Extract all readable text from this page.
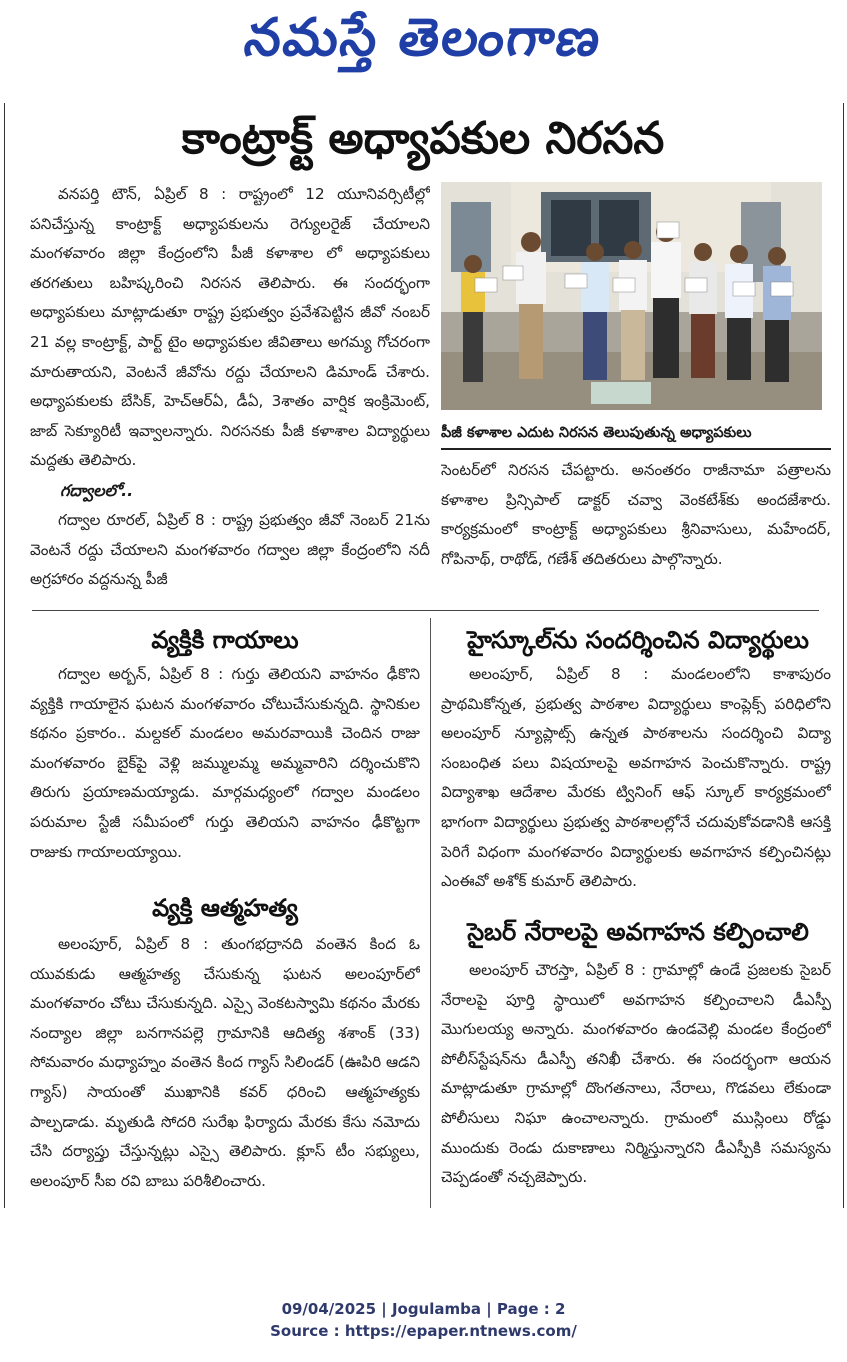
నమస్తే తెలంగాణ
కాంట్రాక్ట్ అధ్యాపకుల నిరసన

వనపర్తి టౌన్, ఏప్రిల్ 8 : రాష్ట్రంలో 12 యూనివర్సిటీల్లో పనిచేస్తున్న కాంట్రాక్ట్ అధ్యాపకులను రెగ్యులరైజ్ చేయాలని మంగళవారం జిల్లా కేంద్రంలోని పీజీ కళాశాల లో అధ్యాపకులు తరగతులు బహిష్కరించి నిరసన తెలిపారు. ఈ సందర్భంగా అధ్యాపకులు మాట్లాడుతూ రాష్ట్ర ప్రభుత్వం ప్రవేశపెట్టిన జీవో నంబర్ 21 వల్ల కాంట్రాక్ట్, పార్ట్ టైం అధ్యాపకుల జీవితాలు అగమ్య గోచరంగా మారుతాయని, వెంటనే జీవోను రద్దు చేయాలని డిమాండ్ చేశారు. అధ్యాపకులకు బేసిక్, హెచ్‌ఆర్‌ఏ, డీఏ, 3శాతం వార్షిక ఇంక్రిమెంట్, జాబ్ సెక్యూరిటీ ఇవ్వాలన్నారు. నిరసనకు పీజీ కళాశాల విద్యార్థులు మద్దతు తెలిపారు.

గద్వాలలో..

గద్వాల రూరల్, ఏప్రిల్ 8 : రాష్ట్ర ప్రభుత్వం జీవో నెంబర్ 21ను వెంటనే రద్దు చేయాలని మంగళవారం గద్వాల జిల్లా కేంద్రంలోని నదీ అగ్రహారం వద్దనున్న పీజీ

పీజీ కళాశాల ఎదుట నిరసన తెలుపుతున్న అధ్యాపకులు

సెంటర్‌లో నిరసన చేపట్టారు. అనంతరం రాజీనామా పత్రాలను కళాశాల ప్రిన్సిపాల్ డాక్టర్ చవ్వా వెంకటేశ్‌కు అందజేశారు. కార్యక్రమంలో కాంట్రాక్ట్ అధ్యాపకులు శ్రీనివాసులు, మహేందర్, గోపినాథ్, రాథోడ్, గణేశ్ తదితరులు పాల్గొన్నారు.

వ్యక్తికి గాయాలు

గద్వాల అర్బన్, ఏప్రిల్ 8 : గుర్తు తెలియని వాహనం ఢీకొని వ్యక్తికి గాయాలైన ఘటన మంగళవారం చోటుచేసుకున్నది. స్థానికుల కథనం ప్రకారం.. మల్దకల్ మండలం అమరవాయికి చెందిన రాజు మంగళవారం బైక్‌పై వెళ్లి జమ్ములమ్మ అమ్మవారిని దర్శించుకొని తిరుగు ప్రయాణమయ్యాడు. మార్గమధ్యంలో గద్వాల మండలం పరుమాల స్టేజీ సమీపంలో గుర్తు తెలియని వాహనం ఢీకొట్టగా రాజుకు గాయాలయ్యాయి.

వ్యక్తి ఆత్మహత్య

అలంపూర్, ఏప్రిల్ 8 : తుంగభద్రానది వంతెన కింద ఓ యువకుడు ఆత్మహత్య చేసుకున్న ఘటన అలంపూర్‌లో మంగళవారం చోటు చేసుకున్నది. ఎస్సై వెంకటస్వామి కథనం మేరకు నంద్యాల జిల్లా బనగానపల్లె గ్రామానికి ఆదిత్య శశాంక్ (33) సోమవారం మధ్యాహ్నం వంతెన కింద గ్యాస్ సిలిండర్ (ఊపిరి ఆడని గ్యాస్) సాయంతో ముఖానికి కవర్ ధరించి ఆత్మహత్యకు పాల్పడాడు. మృతుడి సోదరి సురేఖ ఫిర్యాదు మేరకు కేసు నమోదు చేసి దర్యాప్తు చేస్తున్నట్లు ఎస్సై తెలిపారు. క్లూస్ టీం సభ్యులు, అలంపూర్ సీఐ రవి బాబు పరిశీలించారు.

హైస్కూల్‌ను సందర్శించిన విద్యార్థులు

అలంపూర్, ఏప్రిల్ 8 : మండలంలోని కాశాపురం ప్రాథమికోన్నత, ప్రభుత్వ పాఠశాల విద్యార్థులు కాంప్లెక్స్ పరిధిలోని అలంపూర్ న్యూప్లాట్స్ ఉన్నత పాఠశాలను సందర్శించి విద్యా సంబంధిత పలు విషయాలపై అవగాహన పెంచుకొన్నారు. రాష్ట్ర విద్యాశాఖ ఆదేశాల మేరకు ట్వినింగ్ ఆఫ్ స్కూల్ కార్యక్రమంలో భాగంగా విద్యార్థులు ప్రభుత్వ పాఠశాలల్లోనే చదువుకోవడానికి ఆసక్తి పెరిగే విధంగా మంగళవారం విద్యార్థులకు అవగాహన కల్పించినట్లు ఎంఈవో అశోక్ కుమార్ తెలిపారు.

సైబర్ నేరాలపై అవగాహన కల్పించాలి

అలంపూర్ చౌరస్తా, ఏప్రిల్ 8 : గ్రామాల్లో ఉండే ప్రజలకు సైబర్ నేరాలపై పూర్తి స్థాయిలో అవగాహన కల్పించాలని డీఎస్పీ మొగులయ్య అన్నారు. మంగళవారం ఉండవెల్లి మండల కేంద్రంలో పోలీస్‌స్టేషన్‌ను డీఎస్పీ తనిఖీ చేశారు. ఈ సందర్భంగా ఆయన మాట్లాడుతూ గ్రామాల్లో దొంగతనాలు, నేరాలు, గొడవలు లేకుండా పోలీసులు నిఘా ఉంచాలన్నారు. గ్రామంలో ముస్లింలు రోడ్డు ముందుకు రెండు దుకాణాలు నిర్మిస్తున్నారని డీఎస్పీకి సమస్యను చెప్పడంతో నచ్చజెప్పారు.

09/04/2025 | Jogulamba | Page : 2
Source : https://epaper.ntnews.com/
